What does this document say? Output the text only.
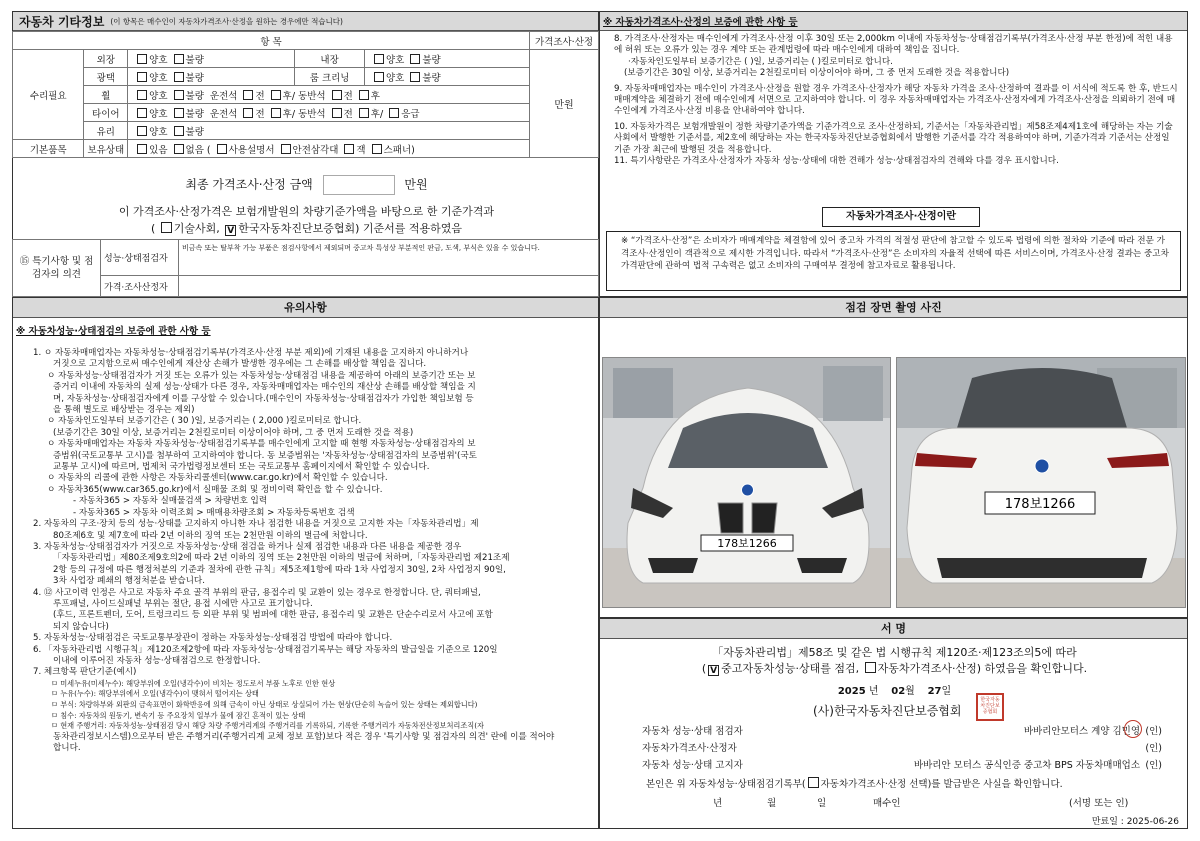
자동차 기타정보 (이 항목은 매수인이 자동차가격조사·산정을 원하는 경우에만 적습니다)
항 목					가격조사·산정
수리필요	외장	양호 불량	내장	양호 불량	만원
	광택	양호 불량	룸 크리닝	양호 불량	
	휠	양호 불량 운전석 전 후/ 동반석 전 후			
	타이어	양호 불량 운전석 전 후/ 동반석 전 후/ 응급			
	유리	양호 불량			
기본품목	보유상태	있음 없음 ( 사용설명서 안전삼각대 잭 스패너)			
최종 가격조사·산정 금액	만원
이 가격조사·산정가격은 보험개발원의 차량기준가액을 바탕으로 한 기준가격과
( 기술사회, V 한국자동차진단보증협회) 기준서를 적용하였음
⑮ 특기사항 및 점검자의 의견	성능·상태점검자	비금속 또는 탈부착 가능 부품은 점검사항에서 제외되며 중고차 특성상 부분적인 판금, 도색, 부식은 있을 수 있습니다.
	가격·조사산정자	
※ 자동차가격조사·산정의 보증에 관한 사항 등

8. 가격조사·산정자는 매수인에게 가격조사·산정 이후 30일 또는 2,000km 이내에 자동차성능·상태점검기록부(가격조사·산정 부분 한정)에 적힌 내용에 허위 또는 오류가 있는 경우 계약 또는 관계법령에 따라 매수인에게 대하여 책임을 집니다.

·자동차인도일부터 보증기간은 ( )일, 보증거리는 ( )킬로미터로 합니다.

(보증기간은 30일 이상, 보증거리는 2천킬로미터 이상이어야 하며, 그 중 먼저 도래한 것을 적용합니다)

9. 자동차매매업자는 매수인이 가격조사·산정을 원할 경우 가격조사·산정자가 해당 자동차 가격을 조사·산정하여 결과를 이 서식에 적도록 한 후, 반드시 매매계약을 체결하기 전에 매수인에게 서면으로 고지하여야 합니다. 이 경우 자동차매매업자는 가격조사·산정자에게 가격조사·산정을 의뢰하기 전에 매수인에게 가격조사·산정 비용을 안내하여야 합니다.

10. 자동차가격은 보험개발원이 정한 차량기준가액을 기준가격으로 조사·산정하되, 기준서는「자동차관리법」제58조제4제1호에 해당하는 자는 기술사회에서 발행한 기준서를, 제2호에 해당하는 자는 한국자동차진단보증협회에서 발행한 기준서를 각각 적용하여야 하며, 기준가격과 기준서는 산정일 기준 가장 최근에 발행된 것을 적용합니다.

11. 특기사항란은 가격조사·산정자가 자동차 성능·상태에 대한 견해가 성능·상태점검자의 견해와 다를 경우 표시합니다.

자동차가격조사·산정이란

※ “가격조사·산정”은 소비자가 매매계약을 체결함에 있어 중고차 가격의 적절성 판단에 참고할 수 있도록 법령에 의한 절차와 기준에 따라 전문 가격조사·산정인이 객관적으로 제시한 가격입니다. 따라서 “가격조사·산정”은 소비자의 자율적 선택에 따른 서비스이며, 가격조사·산정 결과는 중고차 가격판단에 관하여 법적 구속력은 없고 소비자의 구매여부 결정에 참고자료로 활용됩니다.

유의사항
※ 자동차성능·상태점검의 보증에 관한 사항 등

1. ㅇ 자동차매매업자는 자동차성능·상태점검기록부(가격조사·산정 부분 제외)에 기재된 내용을 고지하지 아니하거나

거짓으로 고지함으로써 매수인에게 재산상 손해가 발생한 경우에는 그 손해를 배상할 책임을 집니다.

ㅇ 자동차성능·상태점검자가 거짓 또는 오류가 있는 자동차성능·상태점검 내용을 제공하여 아래의 보증기간 또는 보

증거리 이내에 자동차의 실제 성능·상태가 다른 경우, 자동차매매업자는 매수인의 재산상 손해를 배상할 책임을 지

며, 자동차성능·상태점검자에게 이를 구상할 수 있습니다.(매수인이 자동차성능·상태점검자가 가입한 책임보험 등

을 통해 별도로 배상받는 경우는 제외)

ㅇ 자동차인도일부터 보증기간은 ( 30 )일, 보증거리는 ( 2,000 )킬로미터로 합니다.

(보증기간은 30일 이상, 보증거리는 2천킬로미터 이상이어야 하며, 그 중 먼저 도래한 것을 적용)

ㅇ 자동차매매업자는 자동차 자동차성능·상태점검기록부를 매수인에게 고지할 때 현행 자동차성능·상태점검자의 보

증범위(국토교통부 고시)를 첨부하여 고지하여야 합니다. 동 보증범위는 '자동차성능·상태점검자의 보증범위'(국토

교통부 고시)에 따르며, 법제처 국가법령정보센터 또는 국토교통부 홈페이지에서 확인할 수 있습니다.

ㅇ 자동차의 리콜에 관한 사항은 자동차리콜센터(www.car.go.kr)에서 확인할 수 있습니다.

ㅇ 자동차365(www.car365.go.kr)에서 실매물 조회 및 정비이력 확인을 할 수 있습니다.

- 자동차365 > 자동차 실매물검색 > 차량번호 입력

- 자동차365 > 자동차 이력조회 > 매매용차량조회 > 자동차등록번호 검색

2. 자동차의 구조·장치 등의 성능·상태를 고지하지 아니한 자나 점검한 내용을 거짓으로 고지한 자는「자동차관리법」제

80조제6호 및 제7호에 따라 2년 이하의 징역 또는 2천만원 이하의 벌금에 처합니다.

3. 자동차성능·상태점검자가 거짓으로 자동차성능·상태 점검을 하거나 실제 점검한 내용과 다른 내용을 제공한 경우

「자동차관리법」제80조제9호의2에 따라 2년 이하의 징역 또는 2천만원 이하의 벌금에 처하며,「자동차관리법 제21조제

2항 등의 규정에 따른 행정처분의 기준과 절차에 관한 규칙」제5조제1항에 따라 1차 사업정지 30일, 2차 사업정지 90일,

3차 사업장 폐쇄의 행정처분을 받습니다.

4. ⑫ 사고이력 인정은 사고로 자동차 주요 골격 부위의 판금, 용접수리 및 교환이 있는 경우로 한정합니다. 단, 쿼터패널,

루프패널, 사이드실패널 부위는 절단, 용접 시에만 사고로 표기합니다.

(후드, 프론트펜더, 도어, 트렁크리드 등 외판 부위 및 범퍼에 대한 판금, 용접수리 및 교환은 단순수리로서 사고에 포함

되지 않습니다)

5. 자동차성능·상태점검은 국토교통부장관이 정하는 자동차성능·상태점검 방법에 따라야 합니다.

6. 「자동차관리법 시행규칙」제120조제2항에 따라 자동차성능·상태점검기록부는 해당 자동차의 발급일을 기준으로 120일

이내에 이루어진 자동차 성능·상태점검으로 한정합니다.

7. 체크항목 판단기준(예시)

ㅁ 미세누유(미세누수): 해당부위에 오일(냉각수)이 비치는 정도로서 부품 노후로 인한 현상

ㅁ 누유(누수): 해당부위에서 오일(냉각수)이 맺혀서 떨어지는 상태

ㅁ 부식: 차량하부와 외판의 금속표면이 화학반응에 의해 금속이 아닌 상태로 상실되어 가는 현상(단순히 녹슬어 있는 상태는 제외합니다)

ㅁ 침수: 자동차의 원동기, 변속기 등 주요장치 일부가 물에 잠긴 흔적이 있는 상태

ㅁ 현재 주행거리: 자동차성능·상태점검 당시 해당 차량 주행거리계의 주행거리를 기록하되, 기록한 주행거리가 자동차전산정보처리조직(자

동차관리정보시스템)으로부터 받은 주행거리(주행거리계 교체 정보 포함)보다 적은 경우 '특기사항 및 점검자의 의견' 란에 이를 적어야

합니다.

점검 장면 촬영 사진
178보1266
178보1266
서 명
「자동차관리법」제58조 및 같은 법 시행규칙 제120조·제123조의5에 따라
( V 중고자동차성능·상태를 점검, 자동차가격조사·산정) 하였음을 확인합니다.
2025 년 02월 27일
(사)한국자동차진단보증협회
한국자동차진단보증협회
자동차 성능·상태 점검자	바바리안모터스 계양 김민영 (인)
자동차가격조사·산정자	(인)
자동차 성능·상태 고지자	바바리안 모터스 공식인증 중고차 BPS 자동차매매업소 (인)
본인은 위 자동차성능·상태점검기록부( 자동차가격조사·산정 선택)를 발급받은 사실을 확인합니다.
년	월	일	매수인	(서명 또는 인)
만료일 : 2025-06-26
